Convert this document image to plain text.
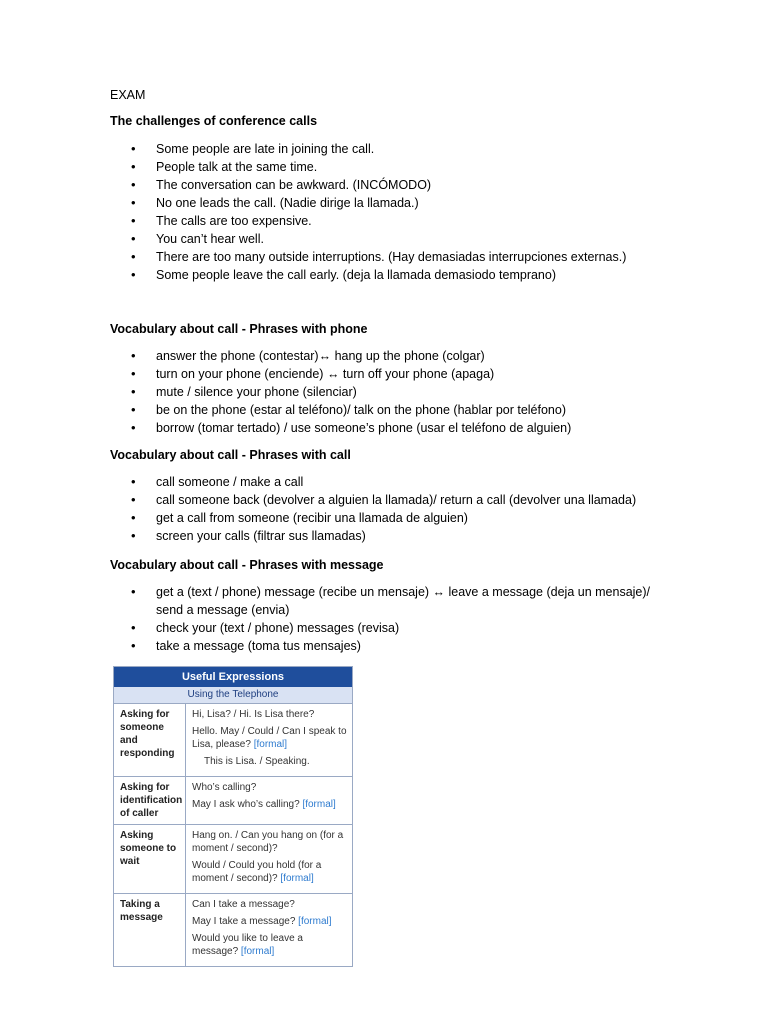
EXAM

The challenges of conference calls

• Some people are late in joining the call.
• People talk at the same time.
• The conversation can be awkward. (INCÓMODO)
• No one leads the call. (Nadie dirige la llamada.)
• The calls are too expensive.
• You can’t hear well.
• There are too many outside interruptions. (Hay demasiadas interrupciones externas.)
• Some people leave the call early. (deja la llamada demasiodo temprano)

Vocabulary about call - Phrases with phone

• answer the phone (contestar)↔ hang up the phone (colgar)
• turn on your phone (enciende) ↔ turn off your phone (apaga)
• mute / silence your phone (silenciar)
• be on the phone (estar al teléfono)/ talk on the phone (hablar por teléfono)
• borrow (tomar tertado) / use someone’s phone (usar el teléfono de alguien)

Vocabulary about call - Phrases with call

• call someone / make a call
• call someone back (devolver a alguien la llamada)/ return a call (devolver una llamada)
• get a call from someone (recibir una llamada de alguien)
• screen your calls (filtrar sus llamadas)

Vocabulary about call - Phrases with message

• get a (text / phone) message (recibe un mensaje) ↔ leave a message (deja un mensaje)/ send a message (envia)
• check your (text / phone) messages (revisa)
• take a message (toma tus mensajes)
Useful Expressions
Using the Telephone
Asking for someone and responding

Hi, Lisa? / Hi. Is Lisa there?

Hello. May / Could / Can I speak to Lisa, please? [formal]

This is Lisa. / Speaking.

Asking for identification of caller

Who’s calling?

May I ask who’s calling? [formal]

Asking someone to wait

Hang on. / Can you hang on (for a moment / second)?

Would / Could you hold (for a moment / second)? [formal]

Taking a message

Can I take a message?

May I take a message? [formal]

Would you like to leave a message? [formal]
